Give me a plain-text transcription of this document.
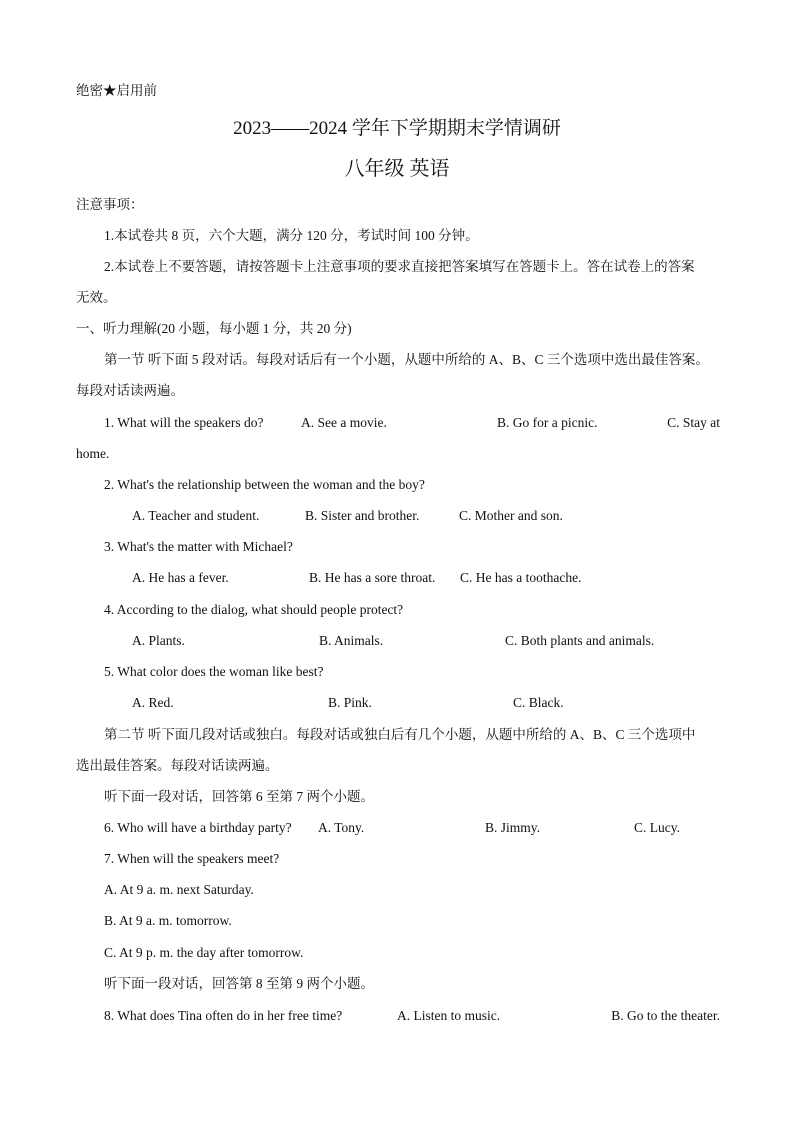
绝密★启用前
2023——2024 学年下学期期末学情调研
八年级 英语
注意事项：
1.本试卷共 8 页，六个大题，满分 120 分，考试时间 100 分钟。
2.本试卷上不要答题，请按答题卡上注意事项的要求直接把答案填写在答题卡上。答在试卷上的答案
无效。
一、听力理解(20 小题，每小题 1 分，共 20 分)
第一节 听下面 5 段对话。每段对话后有一个小题，从题中所给的 A、B、C 三个选项中选出最佳答案。
每段对话读两遍。
1. What will the speakers do?	A. See a movie.	B. Go for a picnic.	C. Stay at
home.
2. What's the relationship between the woman and the boy?
A. Teacher and student.	B. Sister and brother.	C. Mother and son.
3. What's the matter with Michael?
A. He has a fever.	B. He has a sore throat. C. He has a toothache.
4. According to the dialog, what should people protect?
A. Plants.	B. Animals.	C. Both plants and animals.
5. What color does the woman like best?
A. Red.	B. Pink.	C. Black.
第二节 听下面几段对话或独白。每段对话或独白后有几个小题，从题中所给的 A、B、C 三个选项中
选出最佳答案。每段对话读两遍。
听下面一段对话，回答第 6 至第 7 两个小题。
6. Who will have a birthday party? A. Tony.	B. Jimmy.	C. Lucy.
7. When will the speakers meet?
A. At 9 a. m. next Saturday.
B. At 9 a. m. tomorrow.
C. At 9 p. m. the day after tomorrow.
听下面一段对话，回答第 8 至第 9 两个小题。
8. What does Tina often do in her free time?	A. Listen to music.	B. Go to the theater.
